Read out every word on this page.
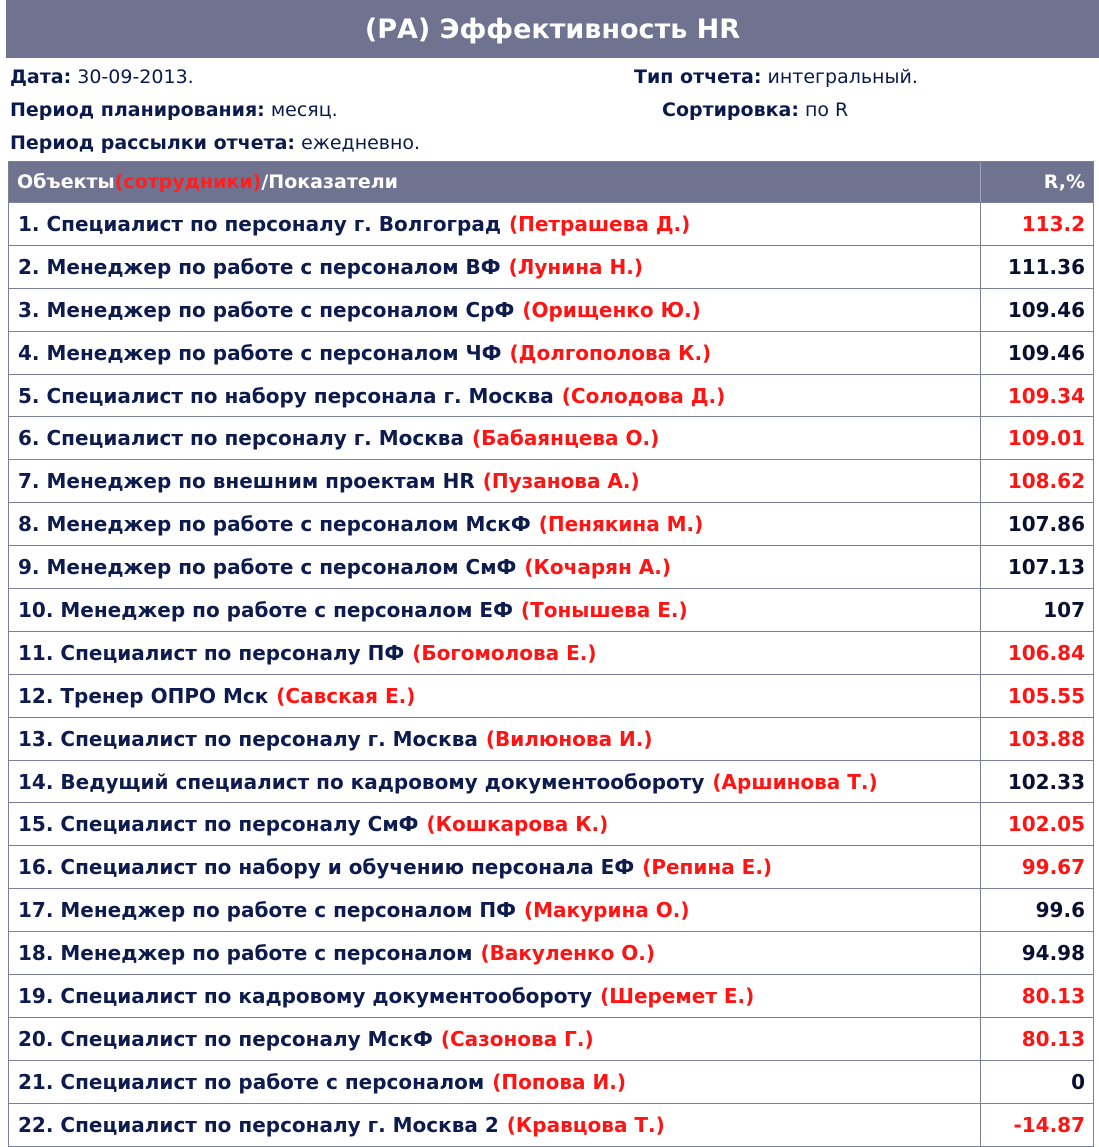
(РА) Эффективность HR
Дата: 30-09-2013.	Тип отчета: интегральный.
Период планирования: месяц.	Сортировка: по R
Период рассылки отчета: ежедневно.
Объекты (сотрудники) /Показатели	R,%
1. Специалист по персоналу г. Волгоград (Петрашева Д.)	113.2
2. Менеджер по работе с персоналом ВФ (Лунина Н.)	111.36
3. Менеджер по работе с персоналом СрФ (Орищенко Ю.)	109.46
4. Менеджер по работе с персоналом ЧФ (Долгополова К.)	109.46
5. Специалист по набору персонала г. Москва (Солодова Д.)	109.34
6. Специалист по персоналу г. Москва (Бабаянцева О.)	109.01
7. Менеджер по внешним проектам HR (Пузанова А.)	108.62
8. Менеджер по работе с персоналом МскФ (Пенякина М.)	107.86
9. Менеджер по работе с персоналом СмФ (Кочарян А.)	107.13
10. Менеджер по работе с персоналом ЕФ (Тонышева Е.)	107
11. Специалист по персоналу ПФ (Богомолова Е.)	106.84
12. Тренер ОПРО Мск (Савская Е.)	105.55
13. Специалист по персоналу г. Москва (Вилюнова И.)	103.88
14. Ведущий специалист по кадровому документообороту (Аршинова Т.)	102.33
15. Специалист по персоналу СмФ (Кошкарова К.)	102.05
16. Специалист по набору и обучению персонала ЕФ (Репина Е.)	99.67
17. Менеджер по работе с персоналом ПФ (Макурина О.)	99.6
18. Менеджер по работе с персоналом (Вакуленко О.)	94.98
19. Специалист по кадровому документообороту (Шеремет Е.)	80.13
20. Специалист по персоналу МскФ (Сазонова Г.)	80.13
21. Специалист по работе с персоналом (Попова И.)	0
22. Специалист по персоналу г. Москва 2 (Кравцова Т.)	-14.87
